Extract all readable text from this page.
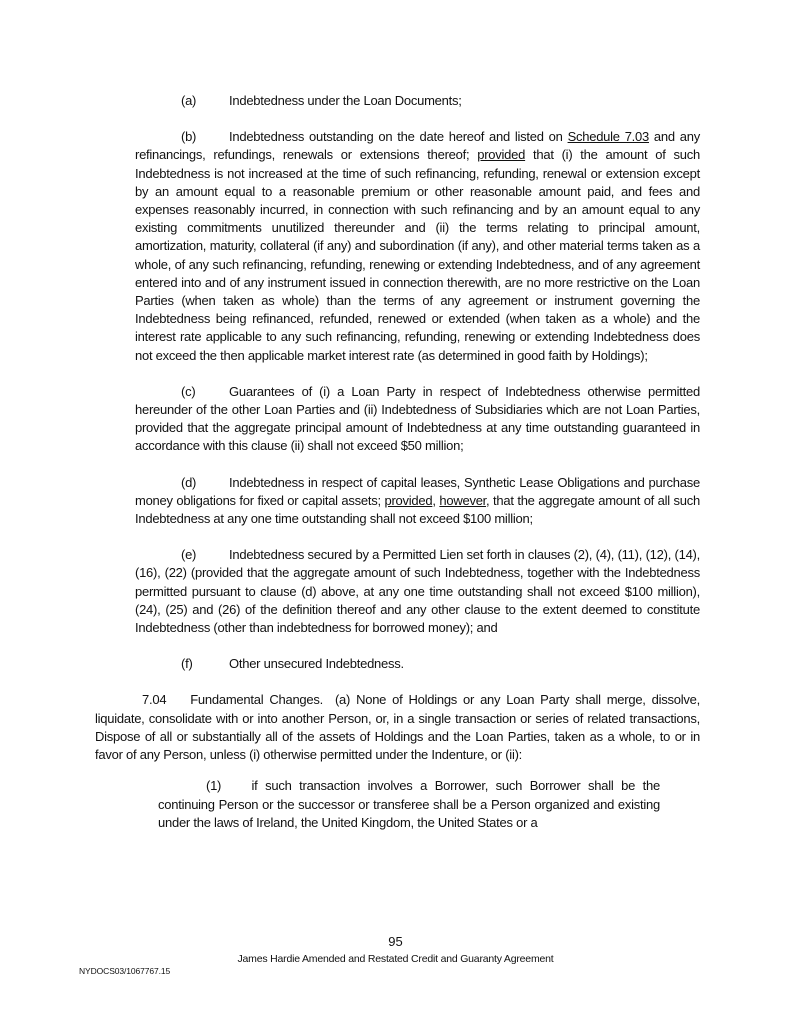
(a)	Indebtedness under the Loan Documents;

(b)	Indebtedness outstanding on the date hereof and listed on Schedule 7.03 and any refinancings, refundings, renewals or extensions thereof; provided that (i) the amount of such Indebtedness is not increased at the time of such refinancing, refunding, renewal or extension except by an amount equal to a reasonable premium or other reasonable amount paid, and fees and expenses reasonably incurred, in connection with such refinancing and by an amount equal to any existing commitments unutilized thereunder and (ii) the terms relating to principal amount, amortization, maturity, collateral (if any) and subordination (if any), and other material terms taken as a whole, of any such refinancing, refunding, renewing or extending Indebtedness, and of any agreement entered into and of any instrument issued in connection therewith, are no more restrictive on the Loan Parties (when taken as whole) than the terms of any agreement or instrument governing the Indebtedness being refinanced, refunded, renewed or extended (when taken as a whole) and the interest rate applicable to any such refinancing, refunding, renewing or extending Indebtedness does not exceed the then applicable market interest rate (as determined in good faith by Holdings);

(c)	Guarantees of (i) a Loan Party in respect of Indebtedness otherwise permitted hereunder of the other Loan Parties and (ii) Indebtedness of Subsidiaries which are not Loan Parties, provided that the aggregate principal amount of Indebtedness at any time outstanding guaranteed in accordance with this clause (ii) shall not exceed $50 million;

(d)	Indebtedness in respect of capital leases, Synthetic Lease Obligations and purchase money obligations for fixed or capital assets; provided, however, that the aggregate amount of all such Indebtedness at any one time outstanding shall not exceed $100 million;

(e)	Indebtedness secured by a Permitted Lien set forth in clauses (2), (4), (11), (12), (14), (16), (22) (provided that the aggregate amount of such Indebtedness, together with the Indebtedness permitted pursuant to clause (d) above, at any one time outstanding shall not exceed $100 million), (24), (25) and (26) of the definition thereof and any other clause to the extent deemed to constitute Indebtedness (other than indebtedness for borrowed money); and

(f)	Other unsecured Indebtedness.

7.04 Fundamental Changes. (a) None of Holdings or any Loan Party shall merge, dissolve, liquidate, consolidate with or into another Person, or, in a single transaction or series of related transactions, Dispose of all or substantially all of the assets of Holdings and the Loan Parties, taken as a whole, to or in favor of any Person, unless (i) otherwise permitted under the Indenture, or (ii):

(1) if such transaction involves a Borrower, such Borrower shall be the continuing Person or the successor or transferee shall be a Person organized and existing under the laws of Ireland, the United Kingdom, the United States or a

95
James Hardie Amended and Restated Credit and Guaranty Agreement
NYDOCS03/1067767.15
